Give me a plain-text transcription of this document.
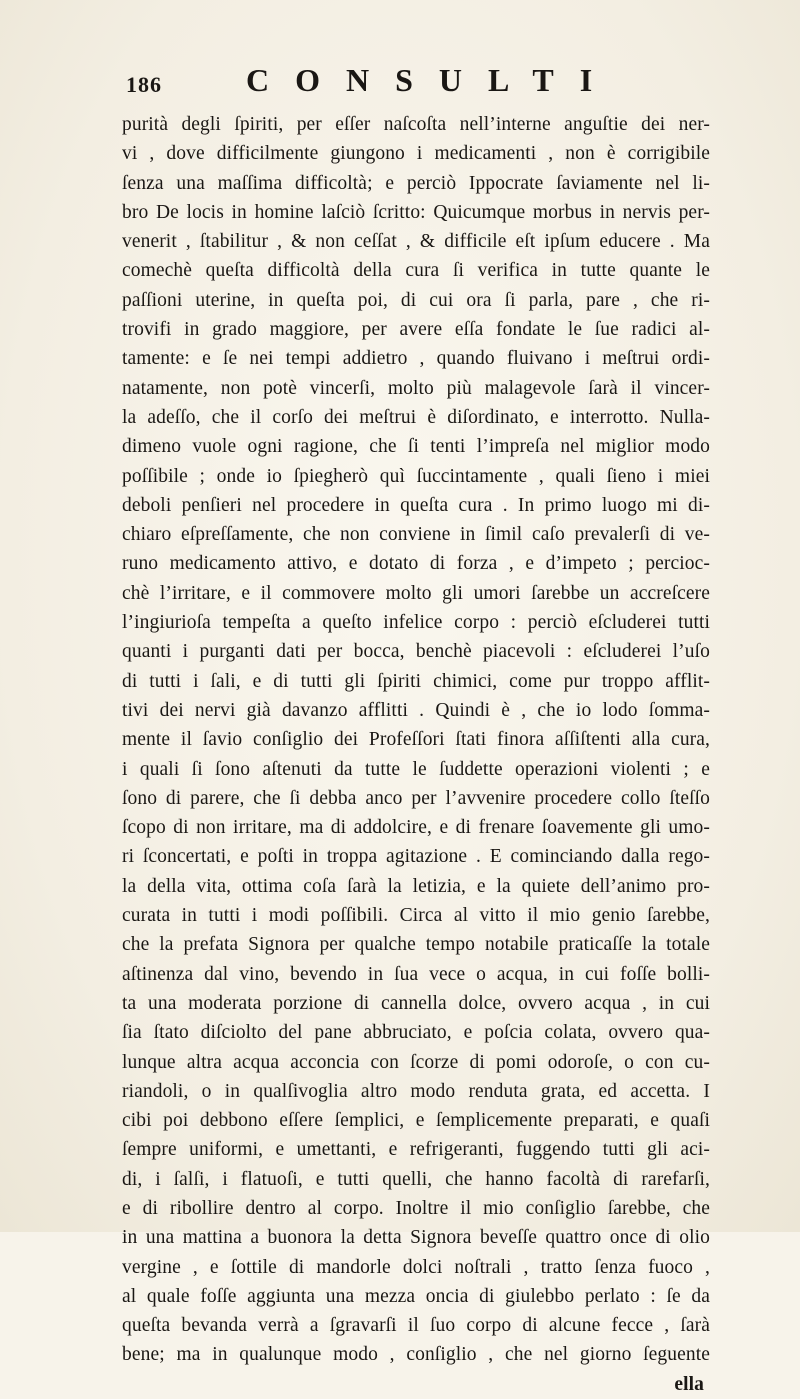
186	CONSULTI
purità degli ſpiriti, per eſſer naſcoſta nell’interne anguſtie dei ner-
vi , dove difficilmente giungono i medicamenti , non è corrigibile
ſenza una maſſima difficoltà; e perciò Ippocrate ſaviamente nel li-
bro De locis in homine laſciò ſcritto: Quicumque morbus in nervis per-
venerit , ſtabilitur , & non ceſſat , & difficile eſt ipſum educere . Ma
comechè queſta difficoltà della cura ſi verifica in tutte quante le
paſſioni uterine, in queſta poi, di cui ora ſi parla, pare , che ri-
trovifi in grado maggiore, per avere eſſa fondate le ſue radici al-
tamente: e ſe nei tempi addietro , quando fluivano i meſtrui ordi-
natamente, non potè vincerſi, molto più malagevole ſarà il vincer-
la adeſſo, che il corſo dei meſtrui è diſordinato, e interrotto. Nulla-
dimeno vuole ogni ragione, che ſi tenti l’impreſa nel miglior modo
poſſibile ; onde io ſpiegherò quì ſuccintamente , quali ſieno i miei
deboli penſieri nel procedere in queſta cura . In primo luogo mi di-
chiaro eſpreſſamente, che non conviene in ſimil caſo prevalerſi di ve-
runo medicamento attivo, e dotato di forza , e d’impeto ; percioc-
chè l’irritare, e il commovere molto gli umori ſarebbe un accreſcere
l’ingiurioſa tempeſta a queſto infelice corpo : perciò eſcluderei tutti
quanti i purganti dati per bocca, benchè piacevoli : eſcluderei l’uſo
di tutti i ſali, e di tutti gli ſpiriti chimici, come pur troppo afflit-
tivi dei nervi già davanzo afflitti . Quindi è , che io lodo ſomma-
mente il ſavio conſiglio dei Profeſſori ſtati finora aſſiſtenti alla cura,
i quali ſi ſono aſtenuti da tutte le ſuddette operazioni violenti ; e
ſono di parere, che ſi debba anco per l’avvenire procedere collo ſteſſo
ſcopo di non irritare, ma di addolcire, e di frenare ſoavemente gli umo-
ri ſconcertati, e poſti in troppa agitazione . E cominciando dalla rego-
la della vita, ottima coſa ſarà la letizia, e la quiete dell’animo pro-
curata in tutti i modi poſſibili. Circa al vitto il mio genio ſarebbe,
che la prefata Signora per qualche tempo notabile praticaſſe la totale
aſtinenza dal vino, bevendo in ſua vece o acqua, in cui foſſe bolli-
ta una moderata porzione di cannella dolce, ovvero acqua , in cui
ſia ſtato diſciolto del pane abbruciato, e poſcia colata, ovvero qua-
lunque altra acqua acconcia con ſcorze di pomi odoroſe, o con cu-
riandoli, o in qualſivoglia altro modo renduta grata, ed accetta. I
cibi poi debbono eſſere ſemplici, e ſemplicemente preparati, e quaſi
ſempre uniformi, e umettanti, e refrigeranti, fuggendo tutti gli aci-
di, i ſalſi, i flatuoſi, e tutti quelli, che hanno facoltà di rarefarſi,
e di ribollire dentro al corpo. Inoltre il mio conſiglio ſarebbe, che
in una mattina a buonora la detta Signora beveſſe quattro once di olio
vergine , e ſottile di mandorle dolci noſtrali , tratto ſenza fuoco ,
al quale foſſe aggiunta una mezza oncia di giulebbo perlato : ſe da
queſta bevanda verrà a ſgravarſi il ſuo corpo di alcune fecce , ſarà
bene; ma in qualunque modo , conſiglio , che nel giorno ſeguente
ella
